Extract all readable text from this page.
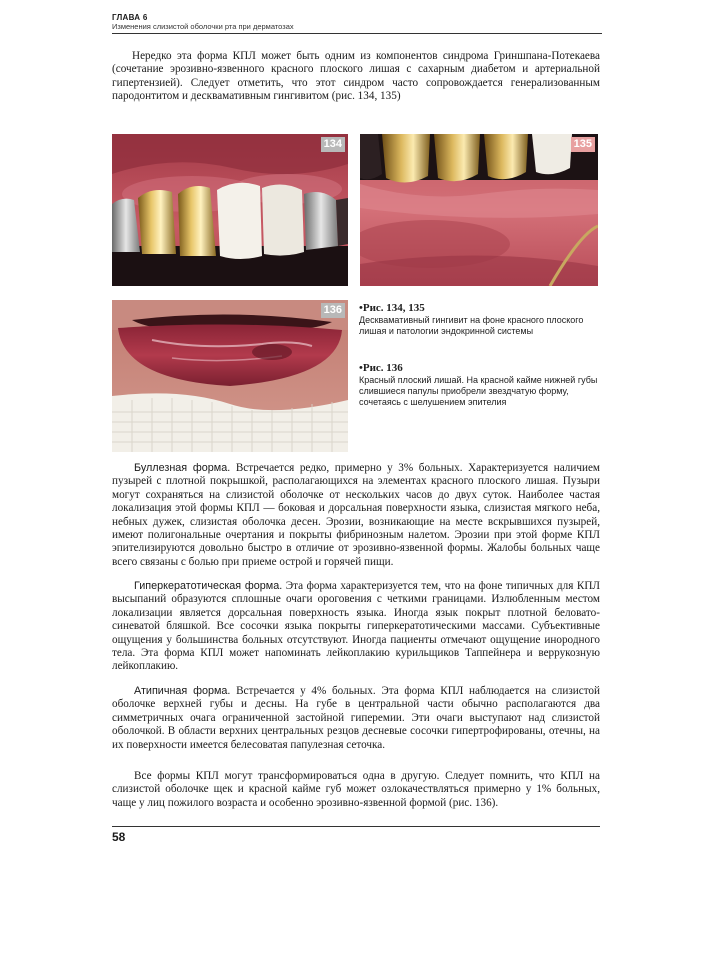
ГЛАВА 6
Изменения слизистой оболочки рта при дерматозах
Нередко эта форма КПЛ может быть одним из компонентов синдрома Гриншпана-Потекаева (сочетание эрозивно-язвенного красного плоского лишая с сахарным диабетом и артериальной гипертензией). Следует отметить, что этот синдром часто сопровождается генерализованным пародонтитом и десквамативным гингивитом (рис. 134, 135)
134	135
136 •Рис. 134, 135
Десквамативный гингивит на фоне красного плоского лишая и патологии эндокринной системы
•Рис. 136
Красный плоский лишай. На красной кайме нижней губы слившиеся папулы приобрели звездчатую форму, сочетаясь с шелушением эпителия
Буллезная форма. Встречается редко, примерно у 3% больных. Характеризуется наличием пузырей с плотной покрышкой, располагающихся на элементах красного плоского лишая. Пузыри могут сохраняться на слизистой оболочке от нескольких часов до двух суток. Наиболее частая локализация этой формы КПЛ — боковая и дорсальная поверхности языка, слизистая мягкого неба, небных дужек, слизистая оболочка десен. Эрозии, возникающие на месте вскрывшихся пузырей, имеют полигональные очертания и покрыты фибринозным налетом. Эрозии при этой форме КПЛ эпителизируются довольно быстро в отличие от эрозивно-язвенной формы. Жалобы больных чаще всего связаны с болью при приеме острой и горячей пищи.
Гиперкератотическая форма. Эта форма характеризуется тем, что на фоне типичных для КПЛ высыпаний образуются сплошные очаги ороговения с четкими границами. Излюбленным местом локализации является дорсальная поверхность языка. Иногда язык покрыт плотной беловато-синеватой бляшкой. Все сосочки языка покрыты гиперкератотическими массами. Субъективные ощущения у большинства больных отсутствуют. Иногда пациенты отмечают ощущение инородного тела. Эта форма КПЛ может напоминать лейкоплакию курильщиков Таппейнера и веррукозную лейкоплакию.
Атипичная форма. Встречается у 4% больных. Эта форма КПЛ наблюдается на слизистой оболочке верхней губы и десны. На губе в центральной части обычно располагаются два симметричных очага ограниченной застойной гиперемии. Эти очаги выступают над слизистой оболочкой. В области верхних центральных резцов десневые сосочки гипертрофированы, отечны, на их поверхности имеется белесоватая папулезная сеточка.
Все формы КПЛ могут трансформироваться одна в другую. Следует помнить, что КПЛ на слизистой оболочке щек и красной кайме губ может озлокачествляться примерно у 1% больных, чаще у лиц пожилого возраста и особенно эрозивно-язвенной формой (рис. 136).
58
